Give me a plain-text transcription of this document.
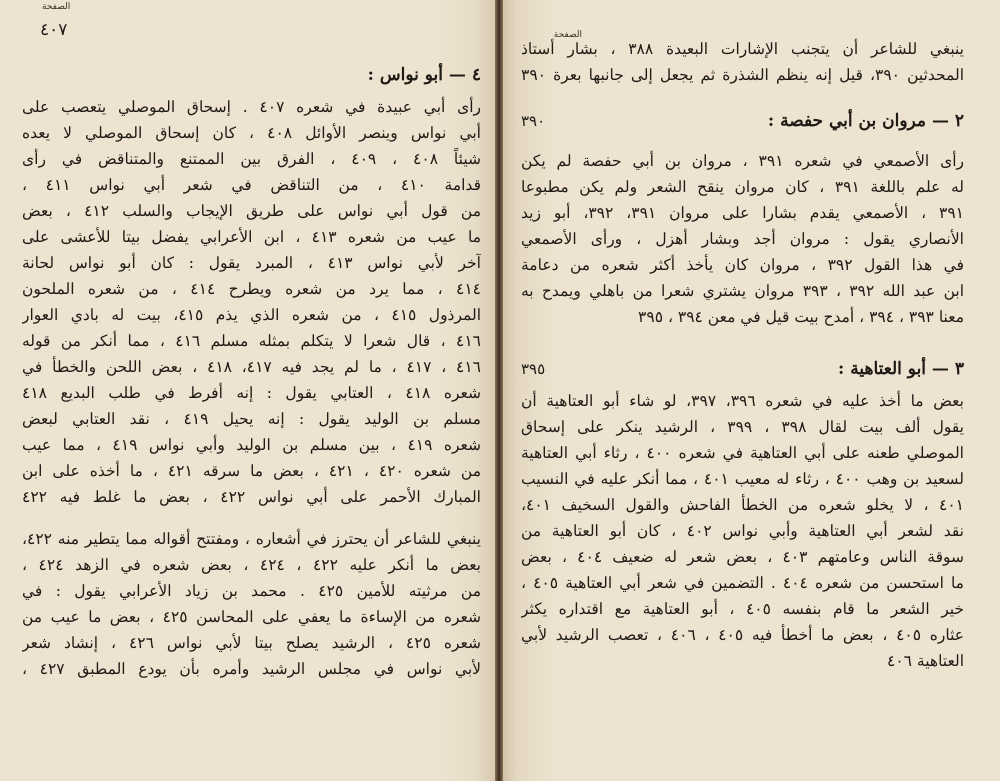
الصفحة
٤٠٧
٤ — أبو نواس :
رأى أبي عبيدة في شعره ٤٠٧ . إسحاق الموصلي يتعصب على
أبي نواس وينصر الأوائل ٤٠٨ ، كان إسحاق الموصلي لا يعده
شيئاً ٤٠٨ ، ٤٠٩ ، الفرق بين الممتنع والمتناقض في رأى
قدامة ٤١٠ ، من التناقض في شعر أبي نواس ٤١١ ،
من قول أبي نواس على طريق الإيجاب والسلب ٤١٢ ، بعض
ما عيب من شعره ٤١٣ ، ابن الأعرابي يفضل بيتا للأعشى على
آخر لأبي نواس ٤١٣ ، المبرد يقول : كان أبو نواس لحانة
٤١٤ ، مما يرد من شعره ويطرح ٤١٤ ، من شعره الملحون
المرذول ٤١٥ ، من شعره الذي يذم ٤١٥، بيت له بادي العوار
٤١٦ ، قال شعرا لا يتكلم بمثله مسلم ٤١٦ ، مما أنكر من قوله
٤١٦ ، ٤١٧ ، ما لم يجد فيه ٤١٧، ٤١٨ ، بعض اللحن والخطأ في
شعره ٤١٨ ، العتابي يقول : إنه أفرط في طلب البديع ٤١٨
مسلم بن الوليد يقول : إنه يحيل ٤١٩ ، نقد العتابي لبعض
شعره ٤١٩ ، بين مسلم بن الوليد وأبي نواس ٤١٩ ، مما عيب
من شعره ٤٢٠ ، ٤٢١ ، بعض ما سرقه ٤٢١ ، ما أخذه على ابن
المبارك الأحمر على أبي نواس ٤٢٢ ، بعض ما غلط فيه ٤٢٢
ينبغي للشاعر أن يحترز في أشعاره ، ومفتتح أقواله مما يتطير منه ٤٢٢،
بعض ما أنكر عليه ٤٢٢ ، ٤٢٤ ، بعض شعره في الزهد ٤٢٤ ،
من مرثيته للأمين ٤٢٥ . محمد بن زياد الأعرابي يقول : في
شعره من الإساءة ما يعفي على المحاسن ٤٢٥ ، بعض ما عيب من
شعره ٤٢٥ ، الرشيد يصلح بيتا لأبي نواس ٤٢٦ ، إنشاد شعر
لأبي نواس في مجلس الرشيد وأمره بأن يودع المطبق ٤٢٧ ،
الصفحة
ينبغي للشاعر أن يتجنب الإشارات البعيدة ٣٨٨ ، بشار أستاذ
المحدثين ٣٩٠، قيل إنه ينظم الشذرة ثم يجعل إلى جانبها بعرة ٣٩٠
٢ — مروان بن أبي حفصة :
٣٩٠
رأى الأصمعي في شعره ٣٩١ ، مروان بن أبي حفصة لم يكن
له علم باللغة ٣٩١ ، كان مروان ينقح الشعر ولم يكن مطبوعا
٣٩١ ، الأصمعي يقدم بشارا على مروان ٣٩١، ٣٩٢، أبو زيد
الأنصاري يقول : مروان أجد وبشار أهزل ، ورأى الأصمعي
في هذا القول ٣٩٢ ، مروان كان يأخذ أكثر شعره من دعامة
ابن عبد الله ٣٩٢ ، ٣٩٣ مروان يشتري شعرا من باهلي ويمدح به
معنا ٣٩٣ ، ٣٩٤ ، أمدح بيت قيل في معن ٣٩٤ ، ٣٩٥
٣ — أبو العتاهية :
٣٩٥
بعض ما أخذ عليه في شعره ٣٩٦، ٣٩٧، لو شاء أبو العتاهية أن
يقول ألف بيت لقال ٣٩٨ ، ٣٩٩ ، الرشيد ينكر على إسحاق
الموصلي طعنه على أبي العتاهية في شعره ٤٠٠ ، رثاء أبي العتاهية
لسعيد بن وهب ٤٠٠ ، رثاء له معيب ٤٠١ ، مما أنكر عليه في النسيب
٤٠١ ، لا يخلو شعره من الخطأ الفاحش والقول السخيف ٤٠١،
نقد لشعر أبي العتاهية وأبي نواس ٤٠٢ ، كان أبو العتاهية من
سوقة الناس وعامتهم ٤٠٣ ، بعض شعر له ضعيف ٤٠٤ ، بعض
ما استحسن من شعره ٤٠٤ . التضمين في شعر أبي العتاهية ٤٠٥ ،
خير الشعر ما قام بنفسه ٤٠٥ ، أبو العتاهية مع اقتداره يكثر
عثاره ٤٠٥ ، بعض ما أخطأ فيه ٤٠٥ ، ٤٠٦ ، تعصب الرشيد لأبي
العتاهية ٤٠٦
